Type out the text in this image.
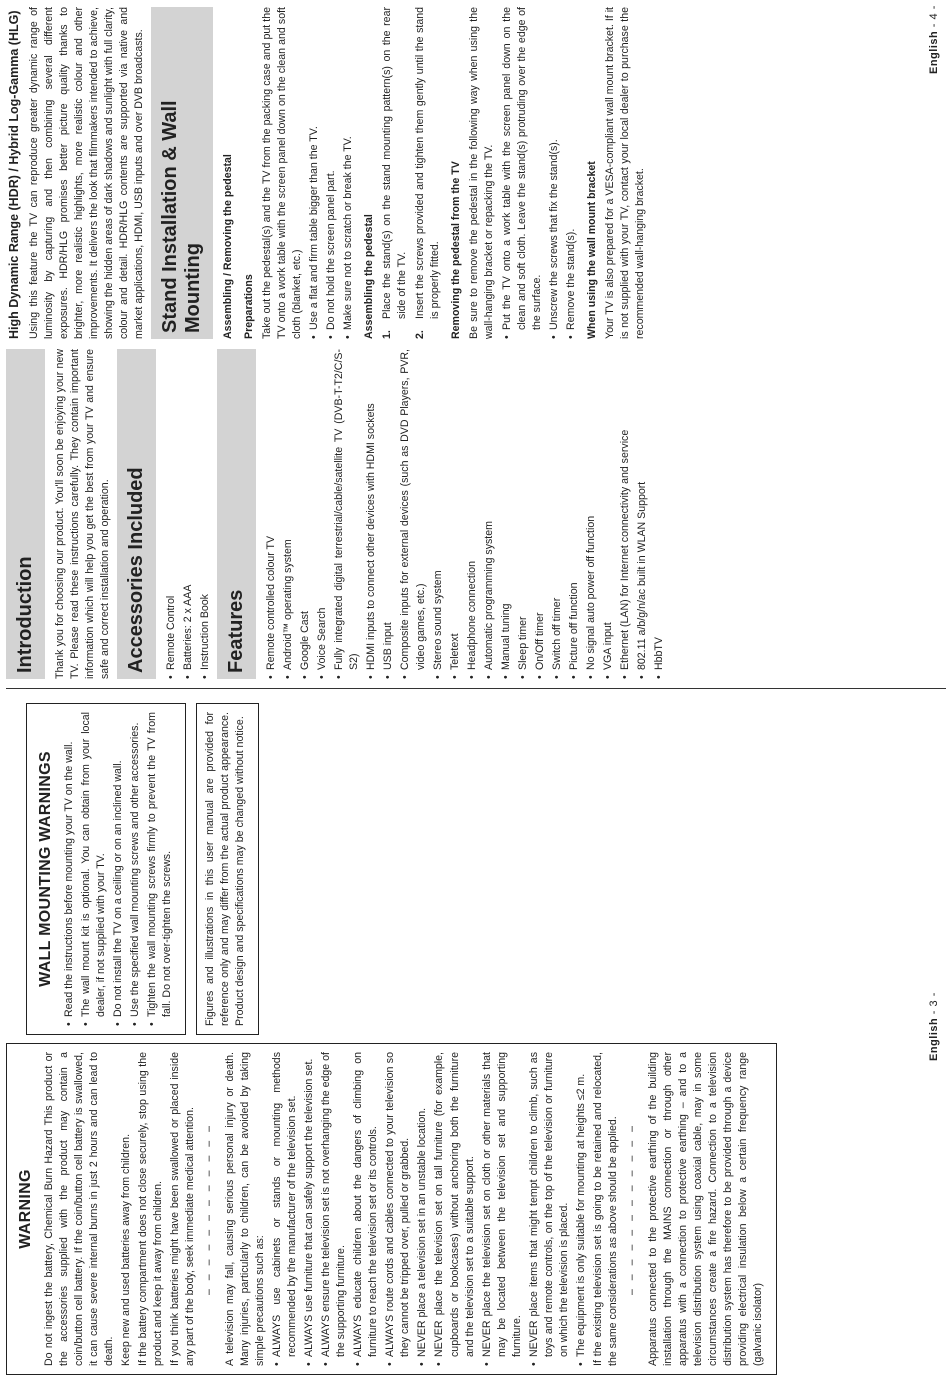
WARNING Do not ingest the battery, Chemical Burn Hazard This product or the accessories supplied with the product may contain a coin/button cell battery. If the coin/button cell battery is swallowed, it can cause severe internal burns in just 2 hours and can lead to death. Keep new and used batteries away from children. If the battery compartment does not close securely, stop using the product and keep it away from children. If you think batteries might have been swallowed or placed inside any part of the body, seek immediate medical attention. – – – – – – – – – – – – A television may fall, causing serious personal injury or death. Many injuries, particularly to children, can be avoided by taking simple precautions such as: • ALWAYS use cabinets or stands or mounting methods recommended by the manufacturer of the television set. • ALWAYS use furniture that can safely support the television set. • ALWAYS ensure the television set is not overhanging the edge of the supporting furniture. • ALWAYS educate children about the dangers of climbing on furniture to reach the television set or its controls. • ALWAYS route cords and cables connected to your television so they cannot be tripped over, pulled or grabbed. • NEVER place a television set in an unstable location. • NEVER place the television set on tall furniture (for example, cupboards or bookcases) without anchoring both the furniture and the television set to a suitable support. • NEVER place the television set on cloth or other materials that may be located between the television set and supporting furniture. • NEVER place items that might tempt children to climb, such as toys and remote controls, on the top of the television or furniture on which the television is placed. • The equipment is only suitable for mounting at heights ≤2 m. If the existing television set is going to be retained and relocated, the same considerations as above should be applied. – – – – – – – – – – – – Apparatus connected to the protective earthing of the building installation through the MAINS connection or through other apparatus with a connection to protective earthing – and to a television distribution system using coaxial cable, may in some circumstances create a fire hazard. Connection to a television distribution system has therefore to be provided through a device providing electrical insulation below a certain frequency range (galvanic isolator)

WALL MOUNTING WARNINGS • Read the instructions before mounting your TV on the wall. • The wall mount kit is optional. You can obtain from your local dealer, if not supplied with your TV. • Do not install the TV on a ceiling or on an inclined wall. • Use the specified wall mounting screws and other accessories. • Tighten the wall mounting screws firmly to prevent the TV from fall. Do not over-tighten the screws.	Figures and illustrations in this user manual are provided for reference only and may differ from the actual product appearance. Product design and specifications may be changed without notice.

English - 3 -
Introduction	Thank you for choosing our product. You'll soon be enjoying your new TV. Please read these instructions carefully. They contain important information which will help you get the best from your TV and ensure safe and correct installation and operation. Accessories Included	• Remote Control • Batteries: 2 x AAA • Instruction Book Features	• Remote controlled colour TV • Android™ operating system • Google Cast • Voice Search • Fully integrated digital terrestrial/cable/satellite TV (DVB-T-T2/C/S-S2) • HDMI inputs to connect other devices with HDMI sockets • USB input • Composite inputs for external devices (such as DVD Players, PVR, video games, etc.) • Stereo sound system • Teletext • Headphone connection • Automatic programming system • Manual tuning • Sleep timer • On/Off timer • Switch off timer • Picture off function • No signal auto power off function • VGA input • Ethernet (LAN) for Internet connectivity and service • 802.11 a/b/g/n/ac built in WLAN Support • HbbTV
High Dynamic Range (HDR) / Hybrid Log-Gamma (HLG) Using this feature the TV can reproduce greater dynamic range of luminosity by capturing and then combining several different exposures. HDR/HLG promises better picture quality thanks to brighter, more realistic highlights, more realistic colour and other improvements. It delivers the look that filmmakers intended to achieve, showing the hidden areas of dark shadows and sunlight with full clarity, colour and detail. HDR/HLG contents are supported via native and market applications, HDMI, USB inputs and over DVB broadcasts. Stand Installation & Wall Mounting	Assembling / Removing the pedestal Preparations Take out the pedestal(s) and the TV from the packing case and put the TV onto a work table with the screen panel down on the clean and soft cloth (blanket, etc.) • Use a flat and firm table bigger than the TV. • Do not hold the screen panel part. • Make sure not to scratch or break the TV. Assembling the pedestal 1.
Place the stand(s) on the stand mounting pattern(s) on the rear side of the TV.
2.
Insert the screws provided and tighten them gently until the stand is properly fitted. Removing the pedestal from the TV Be sure to remove the pedestal in the following way when using the wall-hanging bracket or repacking the TV. • Put the TV onto a work table with the screen panel down on the clean and soft cloth. Leave the stand(s) protruding over the edge of the surface. • Unscrew the screws that fix the stand(s). • Remove the stand(s). When using the wall mount bracket Your TV is also prepared for a VESA-compliant wall mount bracket. If it is not supplied with your TV, contact your local dealer to purchase the recommended wall-hanging bracket.

English - 4 -
